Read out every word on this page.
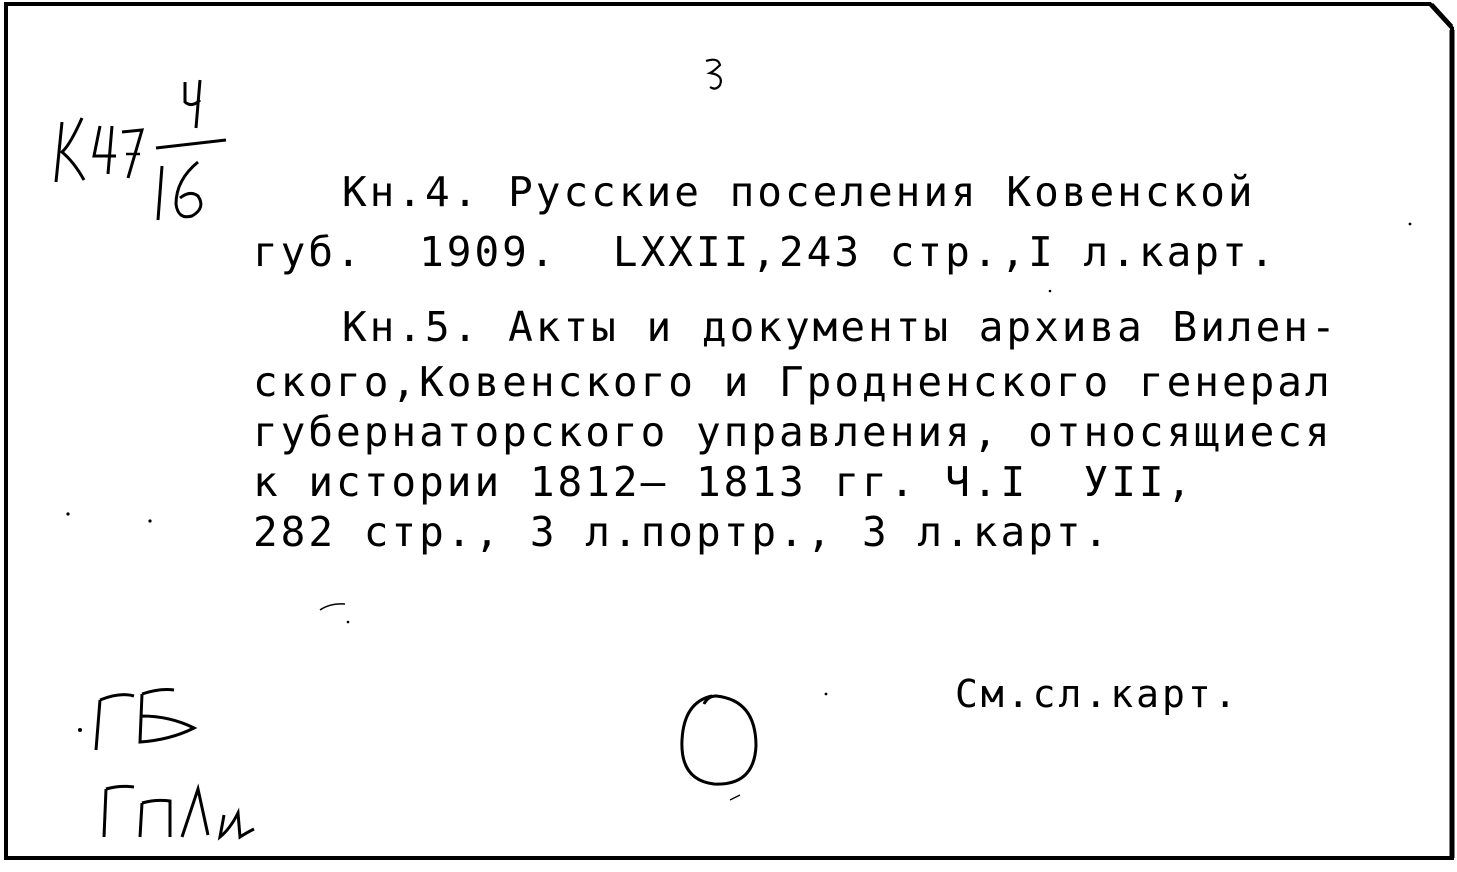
Кн.4. Русские поселения Ковенской
губ.  1909.  LXXII,243 стр.,I л.карт.
Кн.5. Акты и документы архива Вилен-
ского,Ковенского и Гродненского генерал
губернаторского управления, относящиеся
к истории 1812— 1813 гг. Ч.I  УII,
282 стр., 3 л.портр., 3 л.карт.
См.сл.карт.
